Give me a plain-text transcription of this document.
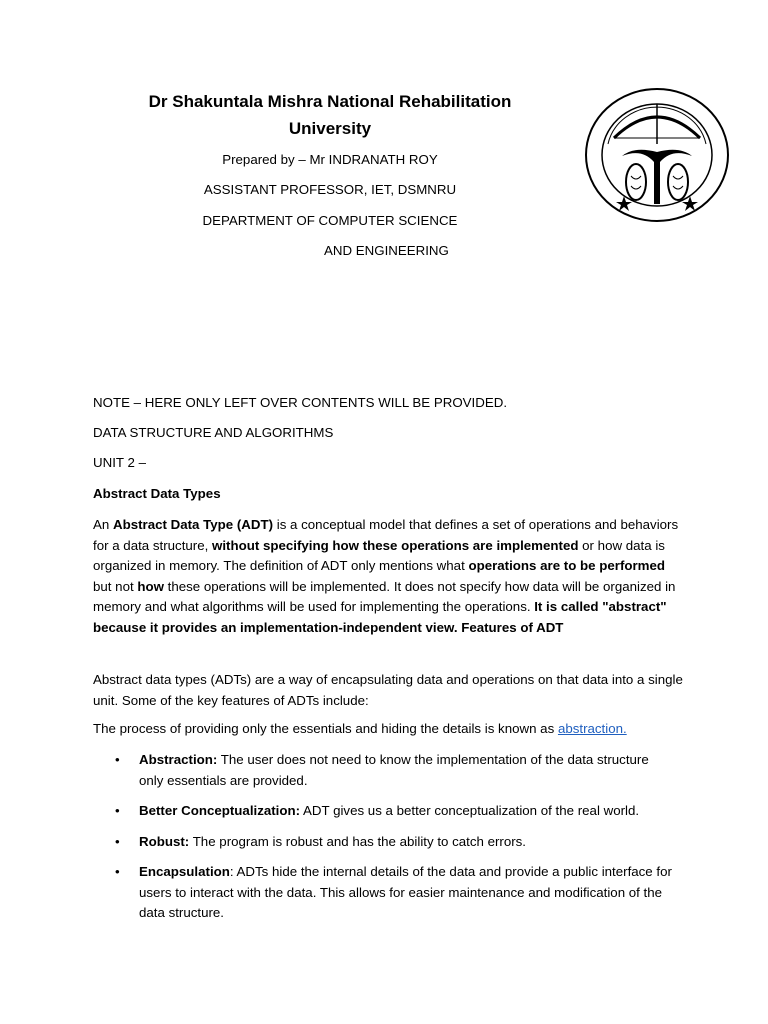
Dr Shakuntala Mishra National Rehabilitation University
Prepared by – Mr INDRANATH ROY
ASSISTANT PROFESSOR, IET, DSMNRU
DEPARTMENT OF COMPUTER SCIENCE
AND ENGINEERING
NOTE – HERE ONLY LEFT OVER CONTENTS WILL BE PROVIDED.
DATA STRUCTURE AND ALGORITHMS
UNIT 2 –
Abstract Data Types
An Abstract Data Type (ADT) is a conceptual model that defines a set of operations and behaviors for a data structure, without specifying how these operations are implemented or how data is organized in memory. The definition of ADT only mentions what operations are to be performed but not how these operations will be implemented. It does not specify how data will be organized in memory and what algorithms will be used for implementing the operations. It is called "abstract" because it provides an implementation-independent view. Features of ADT
Abstract data types (ADTs) are a way of encapsulating data and operations on that data into a single unit. Some of the key features of ADTs include:
The process of providing only the essentials and hiding the details is known as abstraction.
• Abstraction: The user does not need to know the implementation of the data structure only essentials are provided.
• Better Conceptualization: ADT gives us a better conceptualization of the real world.
• Robust: The program is robust and has the ability to catch errors.
• Encapsulation: ADTs hide the internal details of the data and provide a public interface for users to interact with the data. This allows for easier maintenance and modification of the data structure.
